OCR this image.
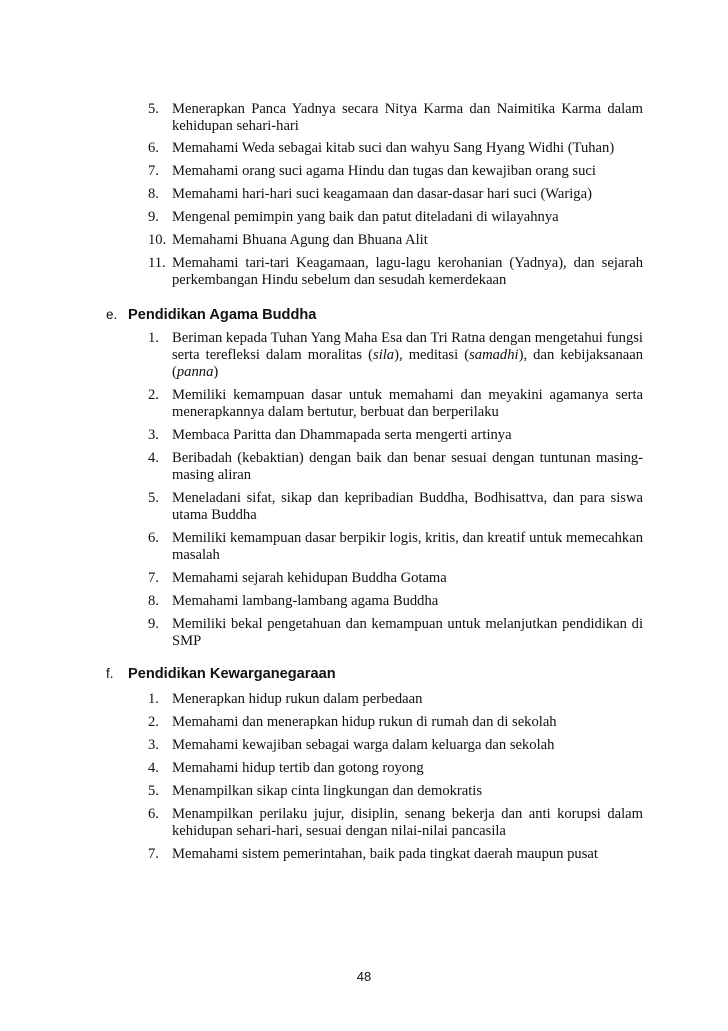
5. Menerapkan Panca Yadnya secara Nitya Karma dan Naimitika Karma dalam kehidupan sehari-hari
6. Memahami Weda sebagai kitab suci dan wahyu Sang Hyang Widhi (Tuhan)
7. Memahami orang suci agama Hindu dan tugas dan kewajiban orang suci
8. Memahami hari-hari suci keagamaan dan dasar-dasar hari suci (Wariga)
9. Mengenal pemimpin yang baik dan patut diteladani di wilayahnya
10. Memahami Bhuana Agung dan Bhuana Alit
11. Memahami tari-tari Keagamaan, lagu-lagu kerohanian (Yadnya), dan sejarah perkembangan Hindu sebelum dan sesudah kemerdekaan
e. Pendidikan Agama Buddha
1. Beriman kepada Tuhan Yang Maha Esa dan Tri Ratna dengan mengetahui fungsi serta terefleksi dalam moralitas (sila), meditasi (samadhi), dan kebijaksanaan (panna)
2. Memiliki kemampuan dasar untuk memahami dan meyakini agamanya serta menerapkannya dalam bertutur, berbuat dan berperilaku
3. Membaca Paritta dan Dhammapada serta mengerti artinya
4. Beribadah (kebaktian) dengan baik dan benar sesuai dengan tuntunan masing-masing aliran
5. Meneladani sifat, sikap dan kepribadian Buddha, Bodhisattva, dan para siswa utama Buddha
6. Memiliki kemampuan dasar berpikir logis, kritis, dan kreatif untuk memecahkan masalah
7. Memahami sejarah kehidupan Buddha Gotama
8. Memahami lambang-lambang agama Buddha
9. Memiliki bekal pengetahuan dan kemampuan untuk melanjutkan pendidikan di SMP
f. Pendidikan Kewarganegaraan
1. Menerapkan hidup rukun dalam perbedaan
2. Memahami dan menerapkan hidup rukun di rumah dan di sekolah
3. Memahami kewajiban sebagai warga dalam keluarga dan sekolah
4. Memahami hidup tertib dan gotong royong
5. Menampilkan sikap cinta lingkungan dan demokratis
6. Menampilkan perilaku jujur, disiplin, senang bekerja dan anti korupsi dalam kehidupan sehari-hari, sesuai dengan nilai-nilai pancasila
7. Memahami sistem pemerintahan, baik pada tingkat daerah maupun pusat
48
